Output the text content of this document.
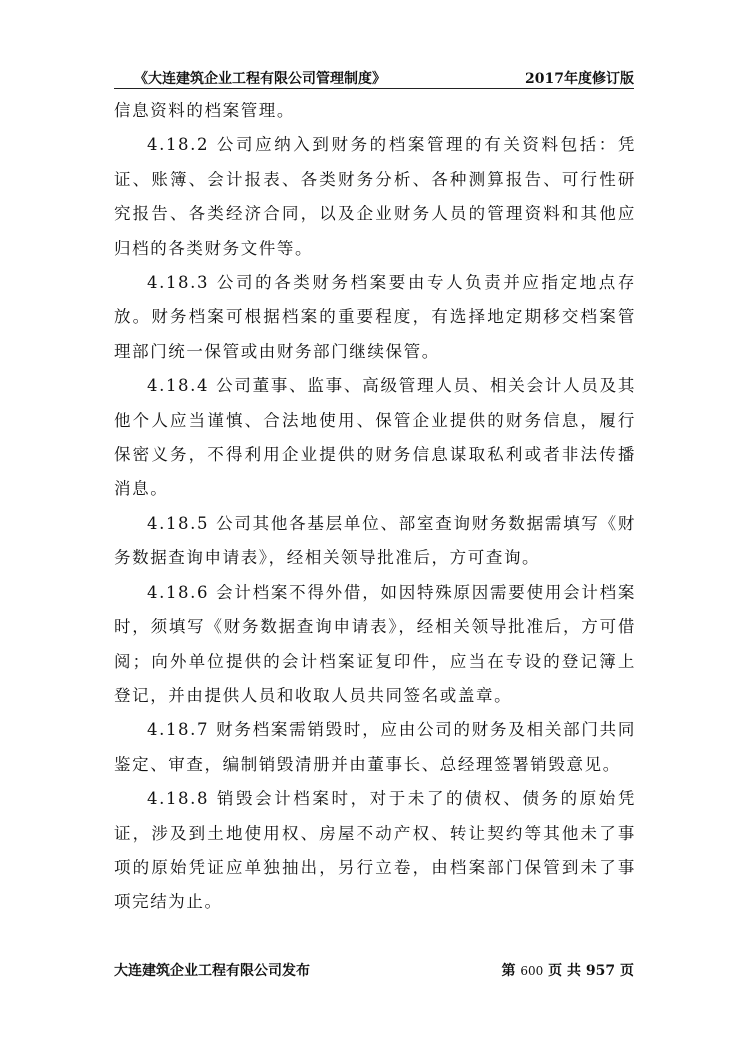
《大连建筑企业工程有限公司管理制度》	2017年度修订版

信息资料的档案管理。

4.18.2 公司应纳入到财务的档案管理的有关资料包括：凭证、账簿、会计报表、各类财务分析、各种测算报告、可行性研究报告、各类经济合同，以及企业财务人员的管理资料和其他应归档的各类财务文件等。

4.18.3 公司的各类财务档案要由专人负责并应指定地点存放。财务档案可根据档案的重要程度，有选择地定期移交档案管理部门统一保管或由财务部门继续保管。

4.18.4 公司董事、监事、高级管理人员、相关会计人员及其他个人应当谨慎、合法地使用、保管企业提供的财务信息，履行保密义务，不得利用企业提供的财务信息谋取私利或者非法传播消息。

4.18.5 公司其他各基层单位、部室查询财务数据需填写《财务数据查询申请表》，经相关领导批准后，方可查询。

4.18.6 会计档案不得外借，如因特殊原因需要使用会计档案时，须填写《财务数据查询申请表》，经相关领导批准后，方可借阅；向外单位提供的会计档案证复印件，应当在专设的登记簿上登记，并由提供人员和收取人员共同签名或盖章。

4.18.7 财务档案需销毁时，应由公司的财务及相关部门共同鉴定、审查，编制销毁清册并由董事长、总经理签署销毁意见。

4.18.8 销毁会计档案时，对于未了的债权、债务的原始凭证，涉及到土地使用权、房屋不动产权、转让契约等其他未了事项的原始凭证应单独抽出，另行立卷，由档案部门保管到未了事项完结为止。

大连建筑企业工程有限公司发布	第 600 页 共 957 页
